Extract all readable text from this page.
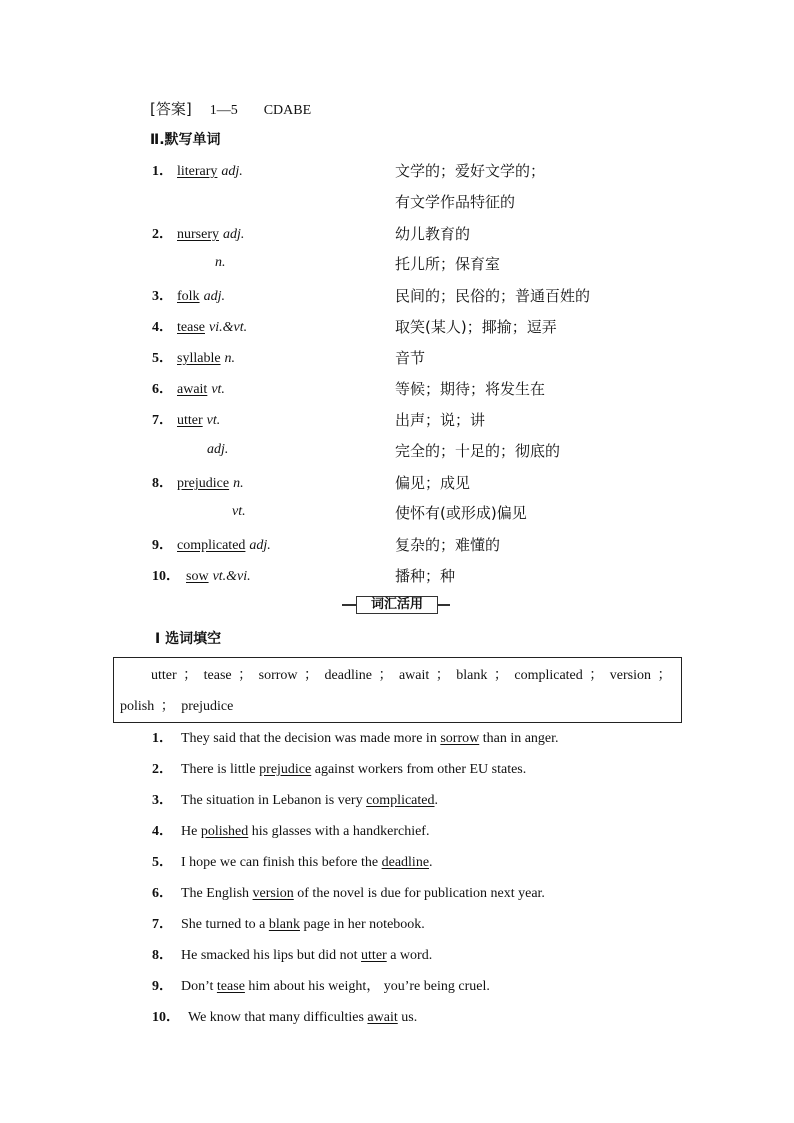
[答案] 1—5 CDABE
Ⅱ.默写单词
1． literary adj.	文学的；爱好文学的；
有文学作品特征的
2． nursery adj.	幼儿教育的
n.	托儿所；保育室
3． folk adj.	民间的；民俗的；普通百姓的
4． tease vi.&vt.	取笑(某人)；揶揄；逗弄
5． syllable n.	音节
6． await vt.	等候；期待；将发生在
7． utter vt.	出声；说；讲
adj.	完全的；十足的；彻底的
8． prejudice n.	偏见；成见
vt.	使怀有(或形成)偏见
9． complicated adj.	复杂的；难懂的
10． sow vt.&vi.	播种；种
词汇活用
Ⅰ 选词填空
utter ； tease ； sorrow ； deadline ； await ； blank ； complicated ； version ；
polish ； prejudice
1． They said that the decision was made more in sorrow than in anger.
2． There is little prejudice against workers from other EU states.
3． The situation in Lebanon is very complicated.
4． He polished his glasses with a handkerchief.
5． I hope we can finish this before the deadline.
6． The English version of the novel is due for publication next year.
7． She turned to a blank page in her notebook.
8． He smacked his lips but did not utter a word.
9． Don’t tease him about his weight， you’re being cruel.
10． We know that many difficulties await us.
